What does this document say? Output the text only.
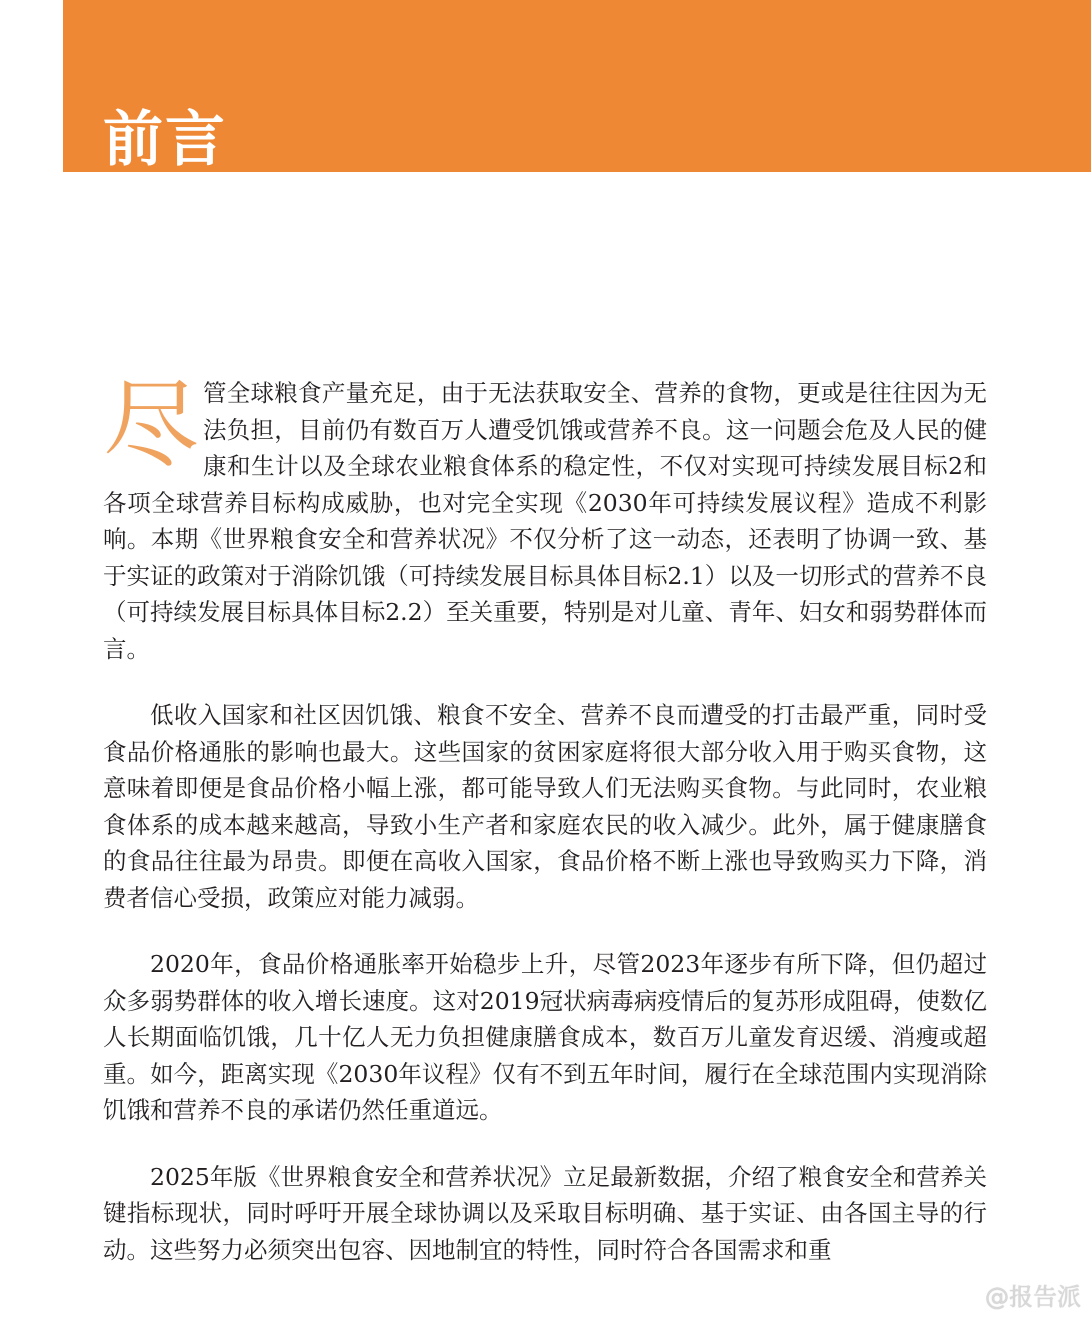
前言

尽管全球粮食产量充足，由于无法获取安全、营养的食物，更或是往往因为无法负担，目前仍有数百万人遭受饥饿或营养不良。这一问题会危及人民的健康和生计以及全球农业粮食体系的稳定性，不仅对实现可持续发展目标2和各项全球营养目标构成威胁，也对完全实现《2030年可持续发展议程》造成不利影响。本期《世界粮食安全和营养状况》不仅分析了这一动态，还表明了协调一致、基于实证的政策对于消除饥饿（可持续发展目标具体目标2.1）以及一切形式的营养不良（可持续发展目标具体目标2.2）至关重要，特别是对儿童、青年、妇女和弱势群体而言。

低收入国家和社区因饥饿、粮食不安全、营养不良而遭受的打击最严重，同时受食品价格通胀的影响也最大。这些国家的贫困家庭将很大部分收入用于购买食物，这意味着即便是食品价格小幅上涨，都可能导致人们无法购买食物。与此同时，农业粮食体系的成本越来越高，导致小生产者和家庭农民的收入减少。此外，属于健康膳食的食品往往最为昂贵。即便在高收入国家，食品价格不断上涨也导致购买力下降，消费者信心受损，政策应对能力减弱。

2020年，食品价格通胀率开始稳步上升，尽管2023年逐步有所下降，但仍超过众多弱势群体的收入增长速度。这对2019冠状病毒病疫情后的复苏形成阻碍，使数亿人长期面临饥饿，几十亿人无力负担健康膳食成本，数百万儿童发育迟缓、消瘦或超重。如今，距离实现《2030年议程》仅有不到五年时间，履行在全球范围内实现消除饥饿和营养不良的承诺仍然任重道远。

2025年版《世界粮食安全和营养状况》立足最新数据，介绍了粮食安全和营养关键指标现状，同时呼吁开展全球协调以及采取目标明确、基于实证、由各国主导的行动。这些努力必须突出包容、因地制宜的特性，同时符合各国需求和重

@报告派
